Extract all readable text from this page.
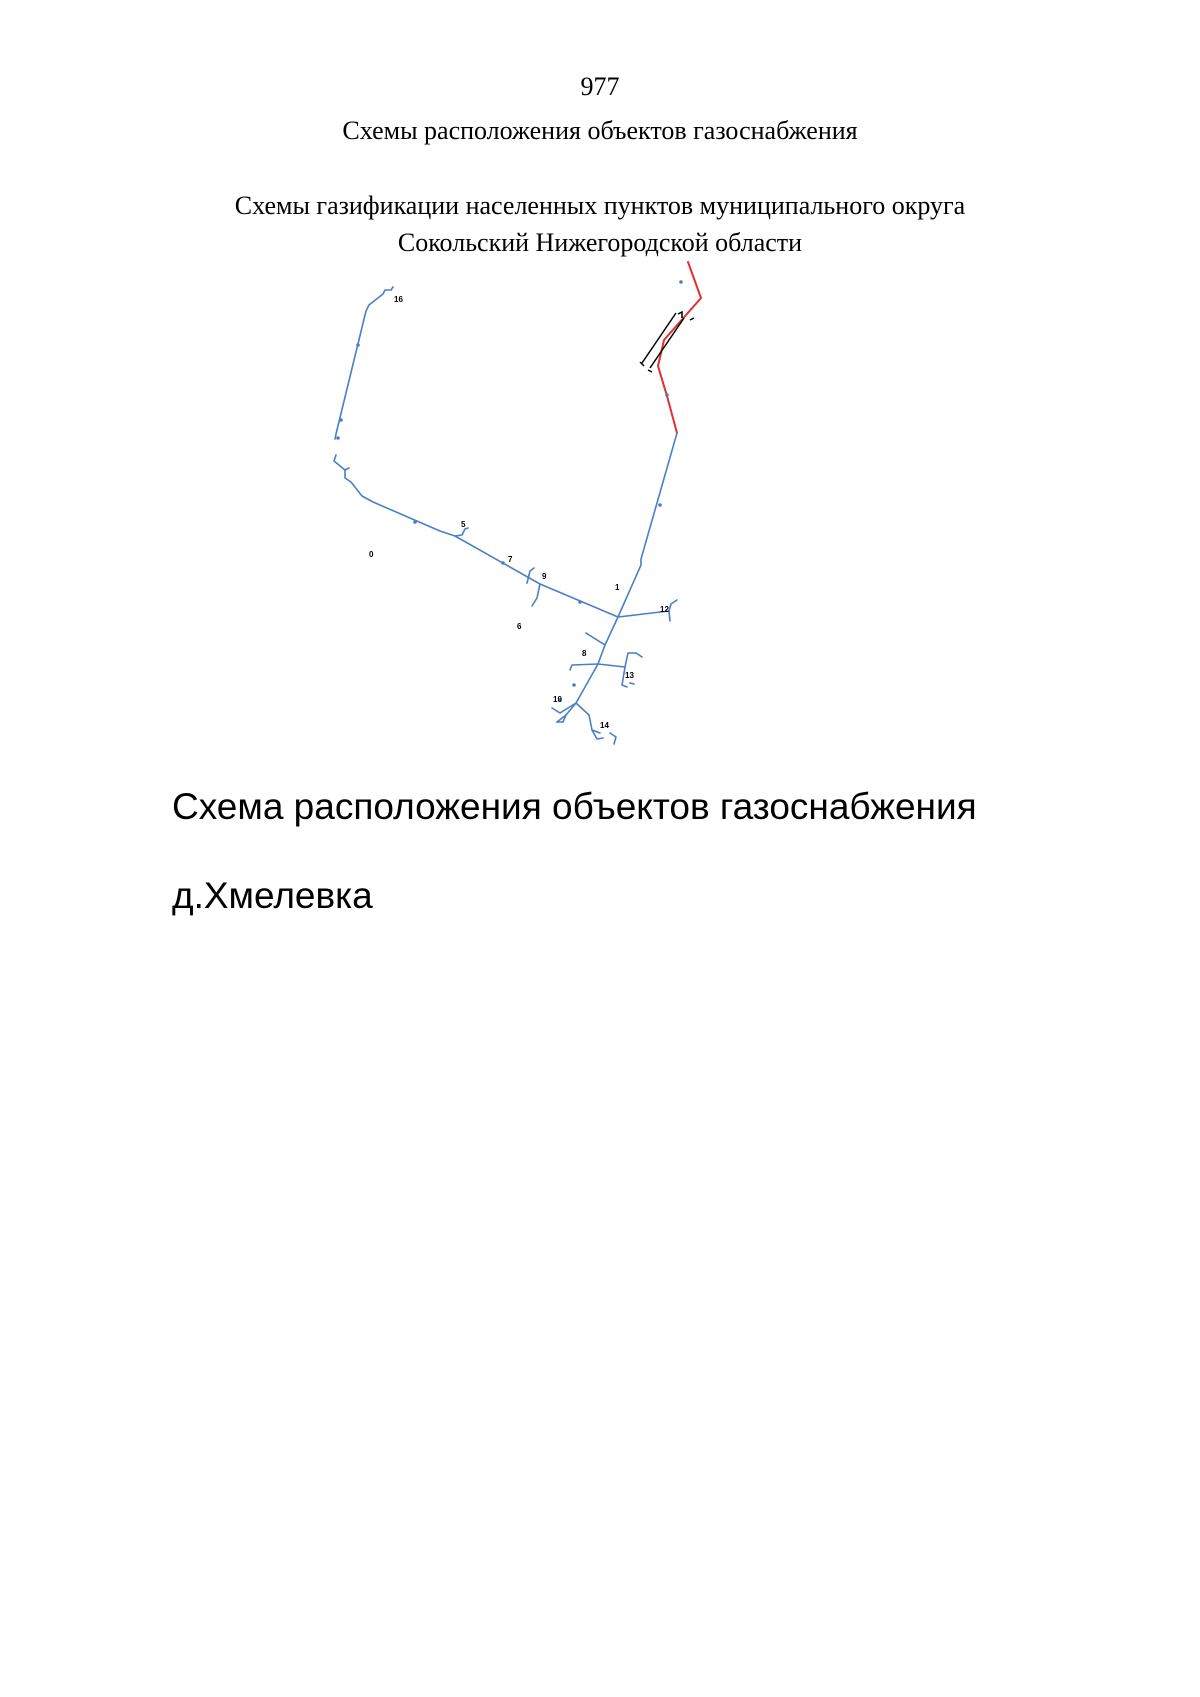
977
Схемы расположения объектов газоснабжения
Схемы газификации населенных пунктов муниципального округа
Сокольский Нижегородской области
16
5
0
7
9
1
12
6
8
13
10
14
Схема расположения объектов газоснабжения
д.Хмелевка
